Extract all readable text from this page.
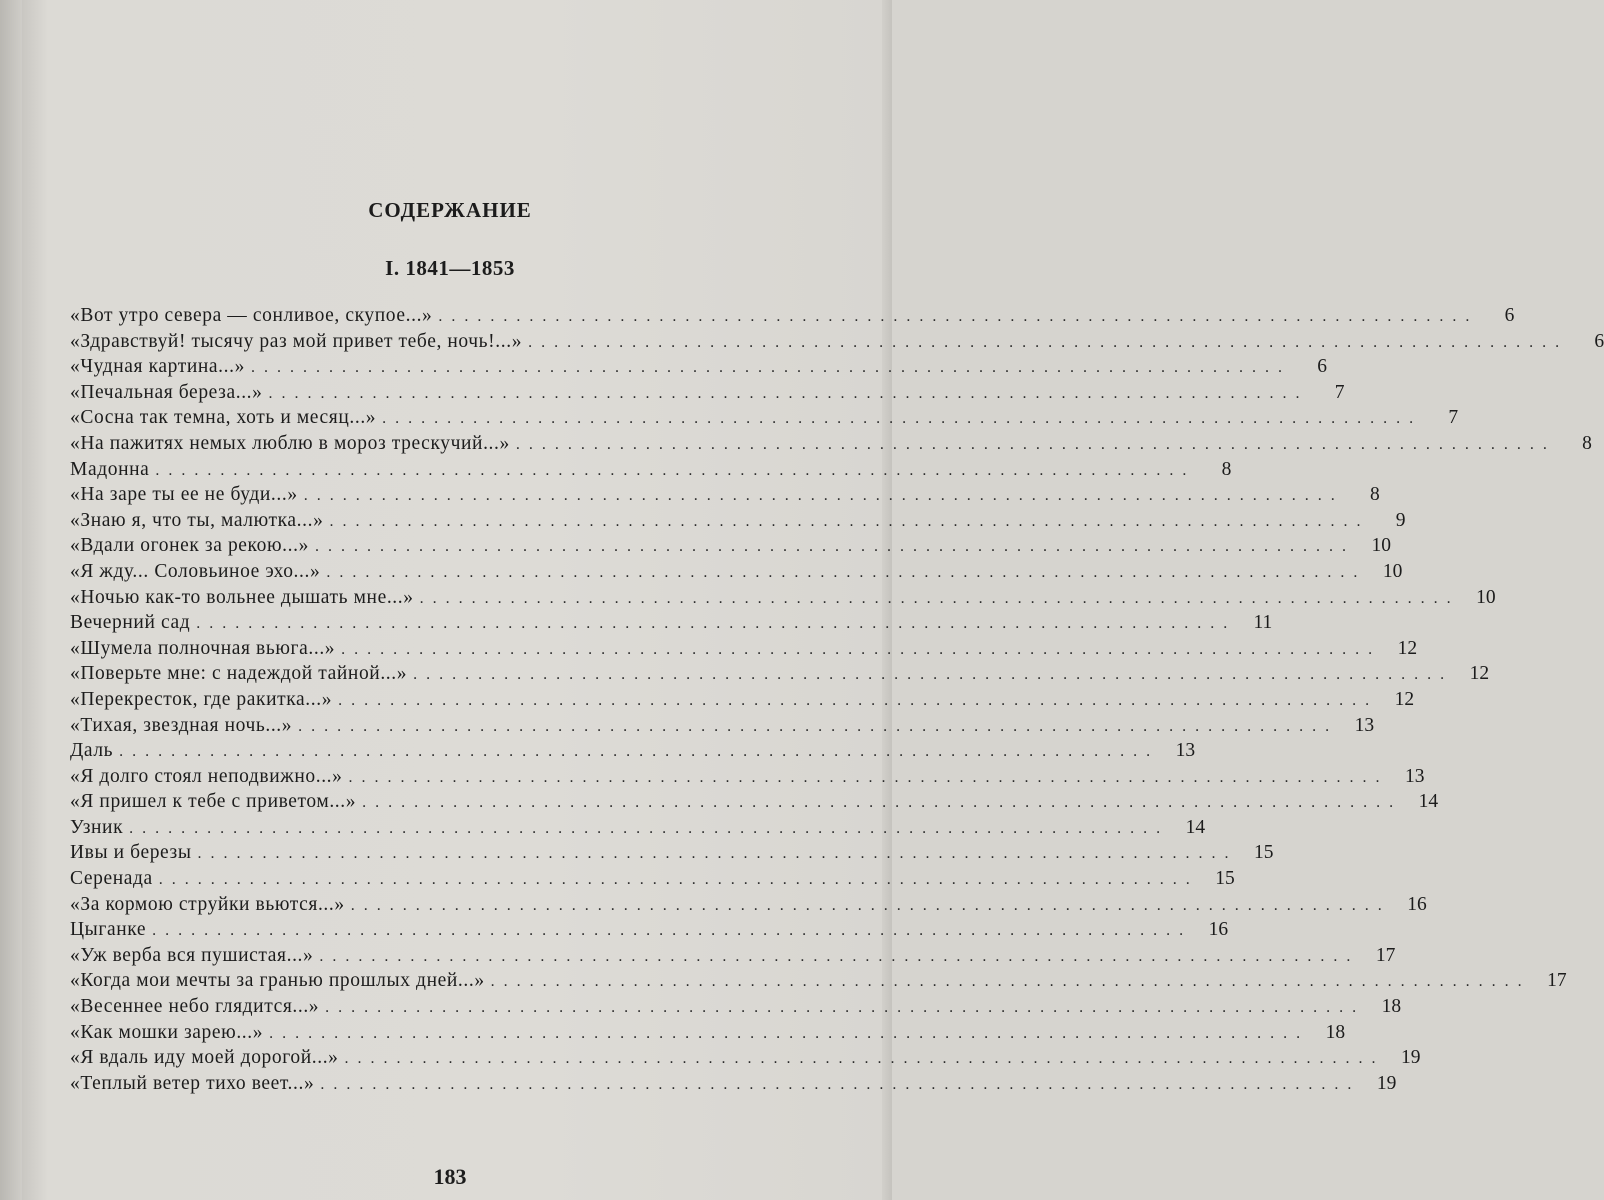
СОДЕРЖАНИЕ
I. 1841—1853
«Вот утро севера — сонливое, скупое...» ................................................................................	6
«Здравствуй! тысячу раз мой привет тебе, ночь!...» ................................................................................	6
«Чудная картина...» ................................................................................	6
«Печальная береза...» ................................................................................	7
«Сосна так темна, хоть и месяц...» ................................................................................	7
«На пажитях немых люблю в мороз трескучий...» ................................................................................	8
Мадонна ................................................................................	8
«На заре ты ее не буди...» ................................................................................	8
«Знаю я, что ты, малютка...» ................................................................................	9
«Вдали огонек за рекою...» ................................................................................ 10
«Я жду... Соловьиное эхо...» ................................................................................ 10
«Ночью как-то вольнее дышать мне...» ................................................................................ 10
Вечерний сад ................................................................................ 11
«Шумела полночная вьюга...» ................................................................................ 12
«Поверьте мне: с надеждой тайной...» ................................................................................ 12
«Перекресток, где ракитка...» ................................................................................ 12
«Тихая, звездная ночь...» ................................................................................ 13
Даль ................................................................................ 13
«Я долго стоял неподвижно...» ................................................................................ 13
«Я пришел к тебе с приветом...» ................................................................................ 14
Узник ................................................................................ 14
Ивы и березы ................................................................................ 15
Серенада ................................................................................ 15
«За кормою струйки вьются...» ................................................................................ 16
Цыганке ................................................................................ 16
«Уж верба вся пушистая...» ................................................................................ 17
«Когда мои мечты за гранью прошлых дней...» ................................................................................ 17
«Весеннее небо глядится...» ................................................................................ 18
«Как мошки зарею...» ................................................................................ 18
«Я вдаль иду моей дорогой...» ................................................................................ 19
«Теплый ветер тихо веет...» ................................................................................ 19
183
